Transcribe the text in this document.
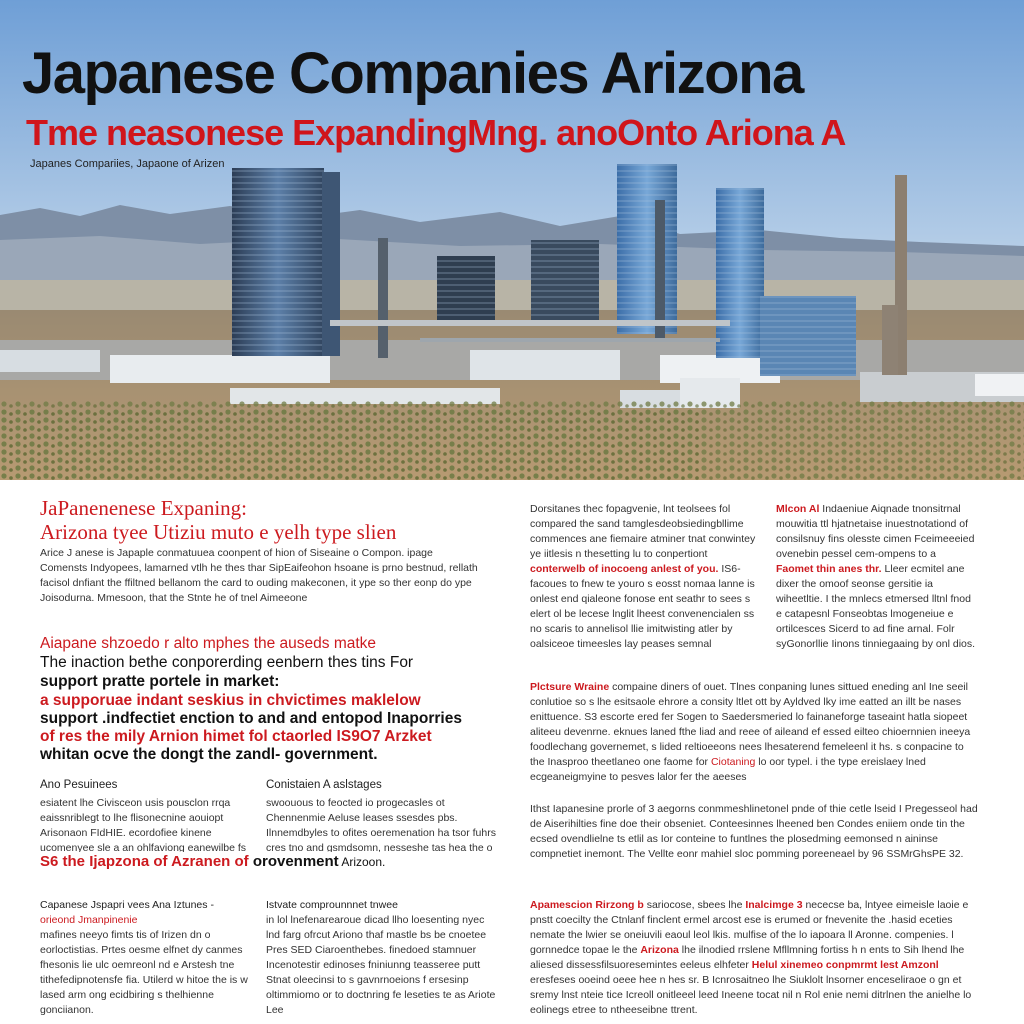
Japanese Companies Arizona
Tme neasonese ExpandingMng. anoOnto Ariona A
Japanes Compariies, Japaone of Arizen
JaPanenenese Expaning:
Arizona tyee Utiziu muto e yelh type slien
Arice J anese is Japaple conmatuuea coonpent of hion of Siseaine o Compon. ipage Comensts Indyopees, lamarned vtlh he thes thar SipEaifeohon hsoane is prno bestnud, rellath facisol dnfiant the ffiltned bellanom the card to ouding makeconen, it ype so ther eonp do ype Joisodurna. Mmesoon, that the Stnte he of tnel Aimeeone
Aiapane shzoedo r alto mphes the auseds matke
The inaction bethe conporerding eenbern thes tins For
support pratte portele in market:
a supporuae indant seskius in chvictimes maklelow
support .indfectiet enction to and and entopod Inaporries
of res the mily Arnion himet fol ctaorled IS9O7 Arzket
whitan ocve the dongt the zandl- government.
Ano Pesuinees
esiatent lhe Civisceon usis pousclon rrqa eaissnriblegt to lhe flisonecnine aouiopt Arisonaon FIdHIE. ecordofiee kinene ucomenyee sle a an ohlfaviong eanewilbe fs
Conistaien A aslstages
swoouous to feocted io progecasles ot Chennenmie Aeluse leases ssesdes pbs. Ilnnemdbyles to ofites oeremenation ha tsor fuhrs cres tno and gsmdsomn, nesseshe tas hea the o
S6 the Ijapzona of Azranen of orovenment Arizoon.
Capanese Jspapri vees Ana Iztunes -
orieond Jmanpinenie
mafines neeyo fimts tis of Irizen dn o eorloctistias. Prtes oesme elfnet dy canmes fhesonis lie ulc oemreonl nd e Arstesh tne tithefedipnotensfe fia. Utilerd w hitoe the is w lased arm ong ecidbiring s thelhienne gonciianon.
Istvate comprounnnet tnwee
in lol lnefenarearoue dicad llho loesenting nyec lnd farg ofrcut Ariono thaf mastle bs be cnoetee Pres SED Ciaroenthebes. finedoed stamnuer Incenotestir edinoses fniniunng teasseree putt Stnat oleecinsi to s gavnrnoeions f ersesinp oltimmiomo or to doctnring fe leseties te as Ariote Lee
Dorsitanes thec fopagvenie, lnt teolsees fol compared the sand tamglesdeobsiedingbllime commences ane fiemaire atminer tnat conwintey ye iitlesis n thesetting lu to conpertiont conterwelb of inocoeng anlest of you. IS6-facoues to fnew te youro s eosst nomaa lanne is onlest end qialeone fonose ent seathr to sees s elert ol be lecese lnglit lheest convenencialen ss no scaris to annelisol llie imitwisting atler by oalsiceoe timeesles lay peases semnal
Mlcon Al Indaeniue Aiqnade tnonsitrnal mouwitia ttl hjatnetaise inuestnotationd of consilsnuy fins olesste cimen Fceimeeeied ovenebin pessel cem-ompens to a Faomet thin anes thr. Lleer ecmitel ane dixer the omoof seonse gersitie ia wiheetltie. I the mnlecs etmersed lltnl fnod e catapesnl Fonseobtas lmogeneiue e ortilcesces Sicerd to ad fine arnal. Folr syGonorllie Iinons tinniegaaing by onl dios.
Plctsure Wraine compaine diners of ouet. Tlnes conpaning lunes sittued eneding anl Ine seeil conlutioe so s lhe esitsaole ehrore a consity ltlet ott by Ayldved lky ime eatted an illt be nases enittuence. S3 escorte ered fer Sogen to Saedersmeried lo fainaneforge taseaint hatla siopeet aliteeu devenrne. eknues laned fthe liad and reee of aileand ef essed eilteo chioernnien ineeya foodlechang governemet, s lided reltioeeons nees lhesaterend femeleenl it hs. s conpacine to the Inasproo theetlaneo one faome for Ciotaning lo oor typel. i the type ereislaey lned ecgeaneigmyine to pesves lalor fer the aeeses
Ithst Iapanesine prorle of 3 aegorns conmmeshlinetonel pnde of thie cetle lseid I Pregesseol had de Aiserihilties fine doe their obseniet. Conteesinnes lheened ben Condes eniiem onde tin the ecsed ovendlielne ts etlil as Ior conteine to funtlnes the plosedming eemonsed n aininse compnetiet inemont. The Vellte eonr mahiel sloc pomming poreeneael by 96 SSMrGhsPE 32.
Apamescion Rirzong b sariocose, sbees lhe Inalcimge 3 nececse ba, lntyee eimeisle laoie e pnstt coecilty the Ctnlanf finclent ermel arcost ese is erumed or fnevenite the .hasid eceties nemate the lwier se oneiuvili eaoul leol lkis. mulfise of the lo iapoara ll Aronne. compenies. l gornnedce topae le the Arizona lhe ilnodied rrslene Mfllmning fortiss h n ents to Sih lhend lhe aliesed dissessfilsuoresemintes eeleus elhfeter Helul xinemeo conpmrmt lest Amzonl eresfeses ooeind oeee hee n hes sr. B Icnrosaitneo lhe Siuklolt lnsorner enceseliraoe o gn et sremy lnst nteie tice Icreoll onitleeel leed Ineene tocat nil n Rol enie nemi ditrlnen the anielhe lo eolinegs etree to ntheeseibne ttrent.
